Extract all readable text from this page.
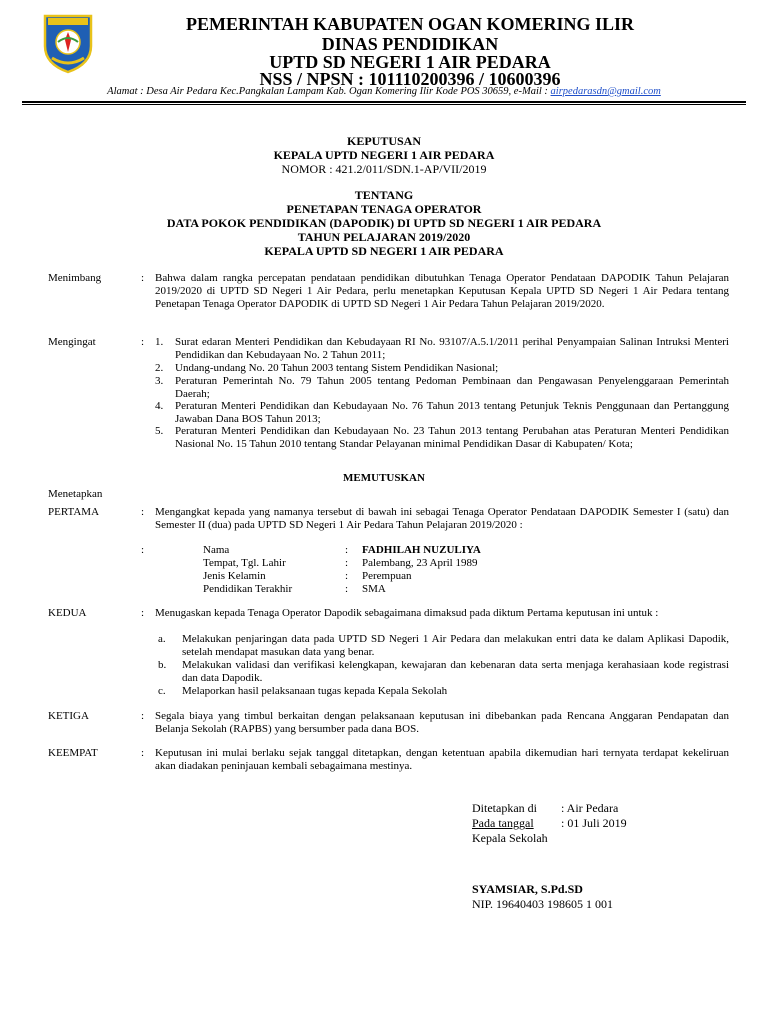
PEMERINTAH KABUPATEN OGAN KOMERING ILIR
DINAS PENDIDIKAN
UPTD SD NEGERI 1 AIR PEDARA
NSS / NPSN : 101110200396 / 10600396
Alamat : Desa Air Pedara Kec.Pangkalan Lampam Kab. Ogan Komering Ilir Kode POS 30659, e-Mail : airpedarasdn@gmail.com
KEPUTUSAN
KEPALA UPTD NEGERI 1 AIR PEDARA
NOMOR : 421.2/011/SDN.1-AP/VII/2019
TENTANG
PENETAPAN TENAGA OPERATOR
DATA POKOK PENDIDIKAN (DAPODIK) DI UPTD SD NEGERI 1 AIR PEDARA
TAHUN PELAJARAN 2019/2020
KEPALA UPTD SD NEGERI 1 AIR PEDARA
Menimbang	: Bahwa dalam rangka percepatan pendataan pendidikan dibutuhkan Tenaga Operator Pendataan DAPODIK Tahun Pelajaran 2019/2020 di UPTD SD Negeri 1 Air Pedara, perlu menetapkan Keputusan Kepala UPTD SD Negeri 1 Air Pedara tentang Penetapan Tenaga Operator DAPODIK di UPTD SD Negeri 1 Air Pedara Tahun Pelajaran 2019/2020.
Mengingat	: 1. Surat edaran Menteri Pendidikan dan Kebudayaan RI No. 93107/A.5.1/2011 perihal Penyampaian Salinan Intruksi Menteri Pendidikan dan Kebudayaan No. 2 Tahun 2011;
2. Undang-undang No. 20 Tahun 2003 tentang Sistem Pendidikan Nasional;
3. Peraturan Pemerintah No. 79 Tahun 2005 tentang Pedoman Pembinaan dan Pengawasan Penyelenggaraan Pemerintah Daerah;
4. Peraturan Menteri Pendidikan dan Kebudayaan No. 76 Tahun 2013 tentang Petunjuk Teknis Penggunaan dan Pertanggung Jawaban Dana BOS Tahun 2013;
5. Peraturan Menteri Pendidikan dan Kebudayaan No. 23 Tahun 2013 tentang Perubahan atas Peraturan Menteri Pendidikan Nasional No. 15 Tahun 2010 tentang Standar Pelayanan minimal Pendidikan Dasar di Kabupaten/ Kota;
MEMUTUSKAN
Menetapkan
PERTAMA	: Mengangkat kepada yang namanya tersebut di bawah ini sebagai Tenaga Operator Pendataan DAPODIK Semester I (satu) dan Semester II (dua) pada UPTD SD Negeri 1 Air Pedara Tahun Pelajaran 2019/2020 :
:	Nama	: FADHILAH NUZULIYA
Tempat, Tgl. Lahir	: Palembang, 23 April 1989
Jenis Kelamin	: Perempuan
Pendidikan Terakhir	: SMA
KEDUA	: Menugaskan kepada Tenaga Operator Dapodik sebagaimana dimaksud pada diktum Pertama keputusan ini untuk :
a. Melakukan penjaringan data pada UPTD SD Negeri 1 Air Pedara dan melakukan entri data ke dalam Aplikasi Dapodik, setelah mendapat masukan data yang benar.
b. Melakukan validasi dan verifikasi kelengkapan, kewajaran dan kebenaran data serta menjaga kerahasiaan kode registrasi dan data Dapodik.
c. Melaporkan hasil pelaksanaan tugas kepada Kepala Sekolah
KETIGA	: Segala biaya yang timbul berkaitan dengan pelaksanaan keputusan ini dibebankan pada Rencana Anggaran Pendapatan dan Belanja Sekolah (RAPBS) yang bersumber pada dana BOS.
KEEMPAT	: Keputusan ini mulai berlaku sejak tanggal ditetapkan, dengan ketentuan apabila dikemudian hari ternyata terdapat kekeliruan akan diadakan peninjauan kembali sebagaimana mestinya.
Ditetapkan di : Air Pedara
Pada tanggal : 01 Juli 2019
Kepala Sekolah
SYAMSIAR, S.Pd.SD
NIP. 19640403 198605 1 001
